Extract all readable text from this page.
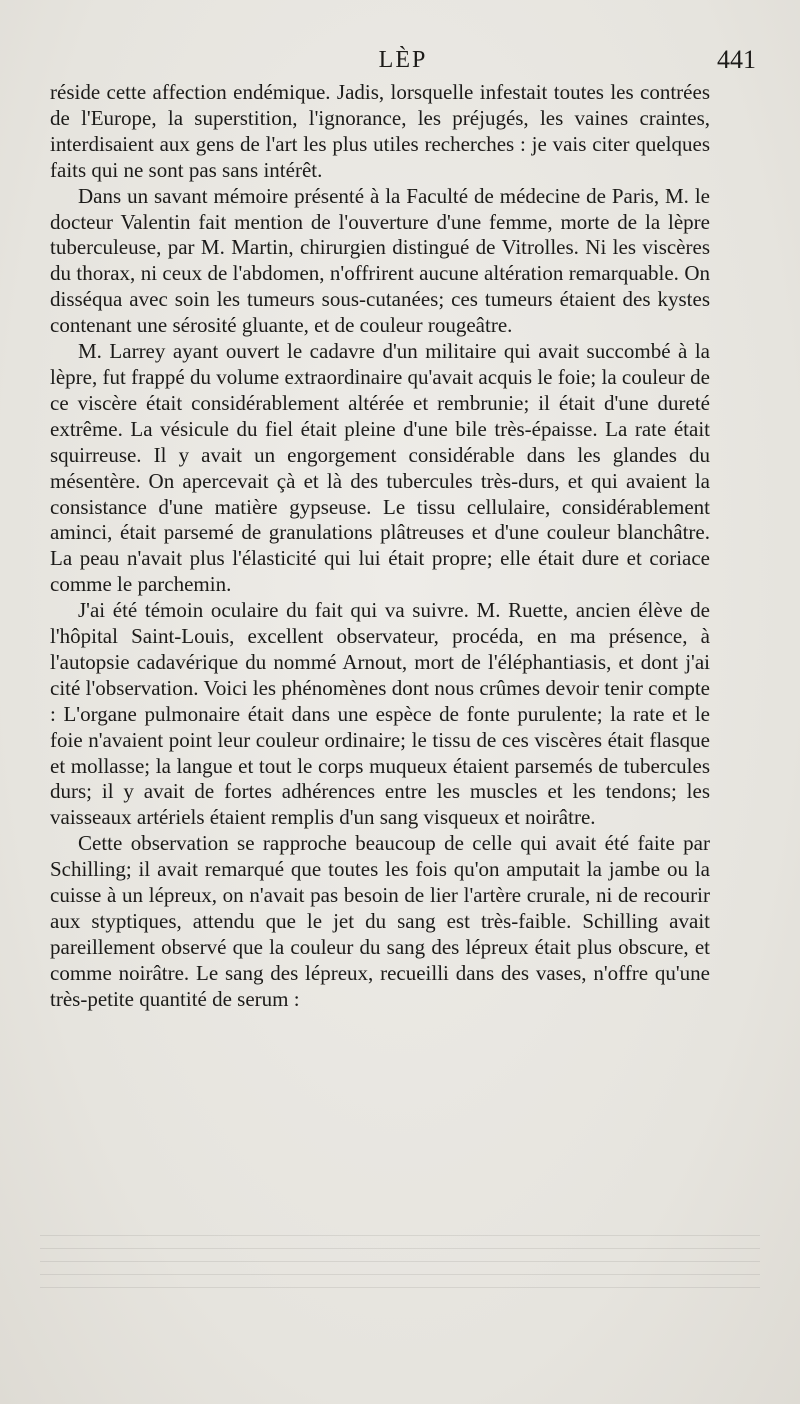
LÈP	441

réside cette affection endémique. Jadis, lorsquelle infestait toutes les contrées de l'Europe, la superstition, l'ignorance, les préjugés, les vaines craintes, interdisaient aux gens de l'art les plus utiles recherches : je vais citer quelques faits qui ne sont pas sans intérêt.

Dans un savant mémoire présenté à la Faculté de médecine de Paris, M. le docteur Valentin fait mention de l'ouverture d'une femme, morte de la lèpre tuberculeuse, par M. Martin, chirurgien distingué de Vitrolles. Ni les viscères du thorax, ni ceux de l'abdomen, n'offrirent aucune altération remarquable. On disséqua avec soin les tumeurs sous-cutanées; ces tumeurs étaient des kystes contenant une sérosité gluante, et de couleur rougeâtre.

M. Larrey ayant ouvert le cadavre d'un militaire qui avait succombé à la lèpre, fut frappé du volume extraordinaire qu'avait acquis le foie; la couleur de ce viscère était considérablement altérée et rembrunie; il était d'une dureté extrême. La vésicule du fiel était pleine d'une bile très-épaisse. La rate était squirreuse. Il y avait un engorgement considérable dans les glandes du mésentère. On apercevait çà et là des tubercules très-durs, et qui avaient la consistance d'une matière gypseuse. Le tissu cellulaire, considérablement aminci, était parsemé de granulations plâtreuses et d'une couleur blanchâtre. La peau n'avait plus l'élasticité qui lui était propre; elle était dure et coriace comme le parchemin.

J'ai été témoin oculaire du fait qui va suivre. M. Ruette, ancien élève de l'hôpital Saint-Louis, excellent observateur, procéda, en ma présence, à l'autopsie cadavérique du nommé Arnout, mort de l'éléphantiasis, et dont j'ai cité l'observation. Voici les phénomènes dont nous crûmes devoir tenir compte : L'organe pulmonaire était dans une espèce de fonte purulente; la rate et le foie n'avaient point leur couleur ordinaire; le tissu de ces viscères était flasque et mollasse; la langue et tout le corps muqueux étaient parsemés de tubercules durs; il y avait de fortes adhérences entre les muscles et les tendons; les vaisseaux artériels étaient remplis d'un sang visqueux et noirâtre.

Cette observation se rapproche beaucoup de celle qui avait été faite par Schilling; il avait remarqué que toutes les fois qu'on amputait la jambe ou la cuisse à un lépreux, on n'avait pas besoin de lier l'artère crurale, ni de recourir aux styptiques, attendu que le jet du sang est très-faible. Schilling avait pareillement observé que la couleur du sang des lépreux était plus obscure, et comme noirâtre. Le sang des lépreux, recueilli dans des vases, n'offre qu'une très-petite quantité de serum :
